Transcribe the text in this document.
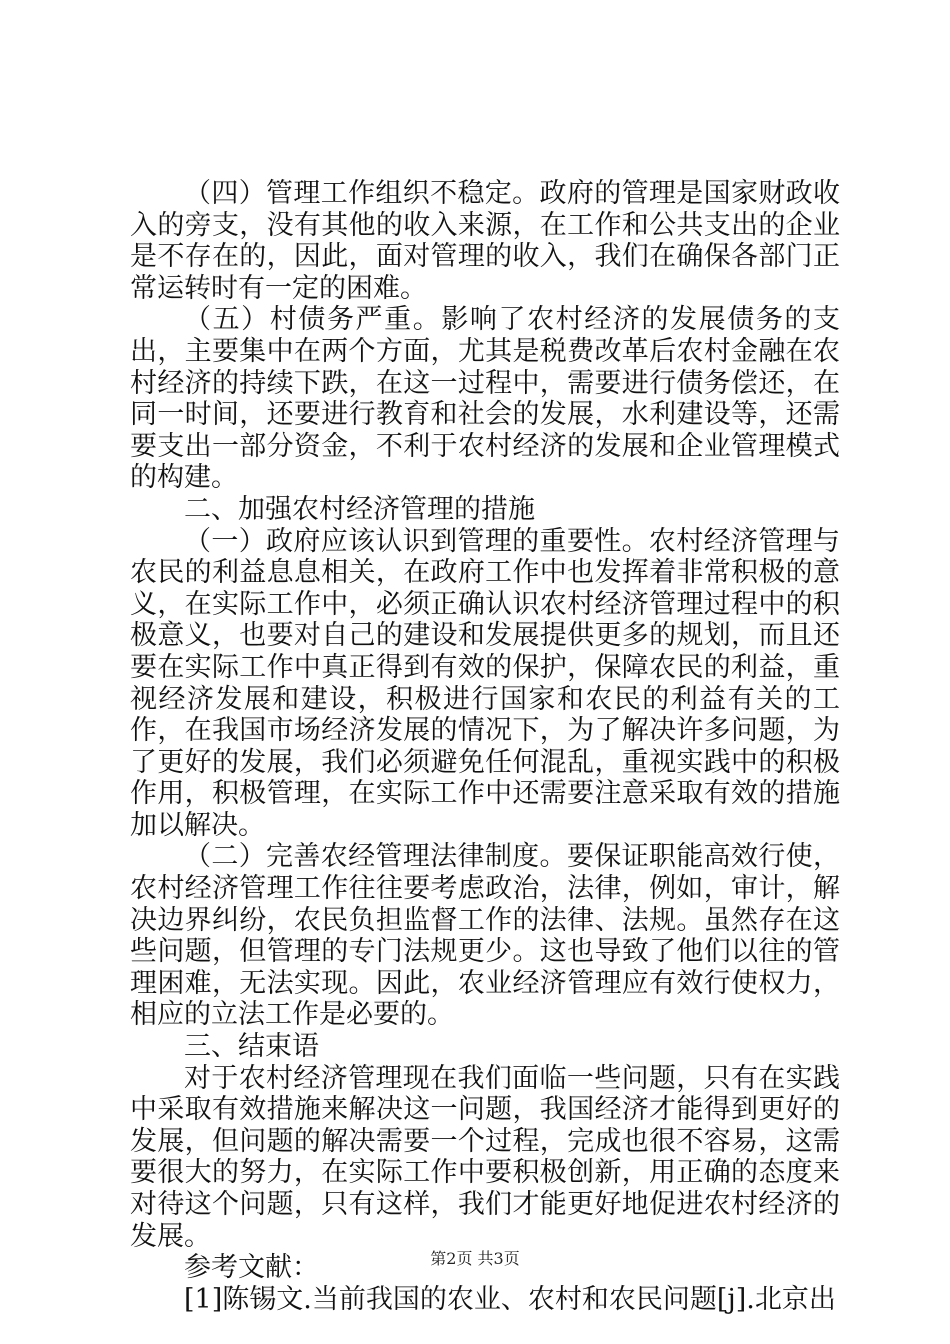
（四）管理工作组织不稳定。政府的管理是国家财政收入的旁支，没有其他的收入来源，在工作和公共支出的企业是不存在的，因此，面对管理的收入，我们在确保各部门正常运转时有一定的困难。

（五）村债务严重。影响了农村经济的发展债务的支出，主要集中在两个方面，尤其是税费改革后农村金融在农村经济的持续下跌，在这一过程中，需要进行债务偿还，在同一时间，还要进行教育和社会的发展，水利建设等，还需要支出一部分资金，不利于农村经济的发展和企业管理模式的构建。

二、加强农村经济管理的措施

（一）政府应该认识到管理的重要性。农村经济管理与农民的利益息息相关，在政府工作中也发挥着非常积极的意义，在实际工作中，必须正确认识农村经济管理过程中的积极意义，也要对自己的建设和发展提供更多的规划，而且还要在实际工作中真正得到有效的保护，保障农民的利益，重视经济发展和建设，积极进行国家和农民的利益有关的工作，在我国市场经济发展的情况下，为了解决许多问题，为了更好的发展，我们必须避免任何混乱，重视实践中的积极作用，积极管理，在实际工作中还需要注意采取有效的措施加以解决。

（二）完善农经管理法律制度。要保证职能高效行使，农村经济管理工作往往要考虑政治，法律，例如，审计，解决边界纠纷，农民负担监督工作的法律、法规。虽然存在这些问题，但管理的专门法规更少。这也导致了他们以往的管理困难，无法实现。因此，农业经济管理应有效行使权力，相应的立法工作是必要的。

三、结束语

对于农村经济管理现在我们面临一些问题，只有在实践中采取有效措施来解决这一问题，我国经济才能得到更好的发展，但问题的解决需要一个过程，完成也很不容易，这需要很大的努力，在实际工作中要积极创新，用正确的态度来对待这个问题，只有这样，我们才能更好地促进农村经济的发展。

参考文献：

[1]陈锡文.当前我国的农业、农村和农民问题[j].北京出

第2页 共3页
